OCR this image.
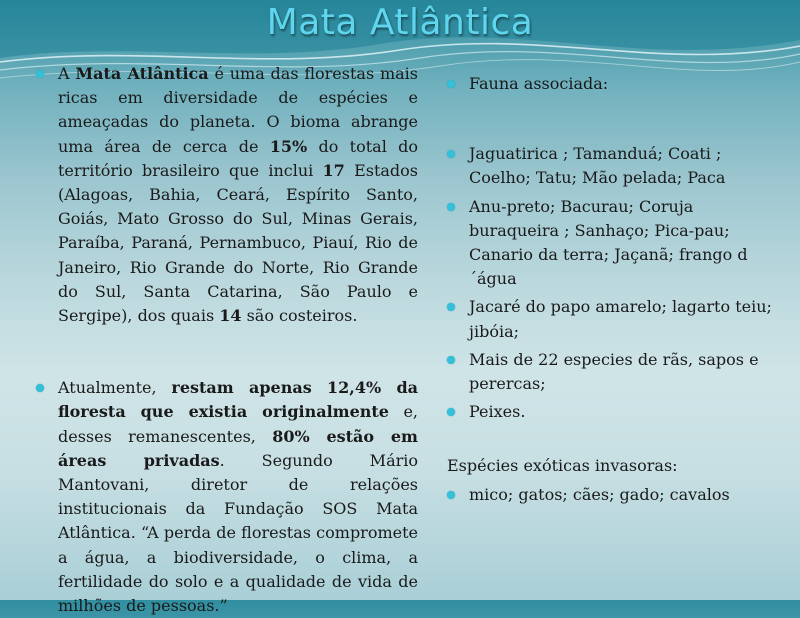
Mata Atlântica

A Mata Atlântica é uma das florestas mais ricas em diversidade de espécies e ameaçadas do planeta. O bioma abrange uma área de cerca de 15% do total do território brasileiro que inclui 17 Estados (Alagoas, Bahia, Ceará, Espírito Santo, Goiás, Mato Grosso do Sul, Minas Gerais, Paraíba, Paraná, Pernambuco, Piauí, Rio de Janeiro, Rio Grande do Norte, Rio Grande do Sul, Santa Catarina, São Paulo e Sergipe), dos quais 14 são costeiros.

Atualmente, restam apenas 12,4% da floresta que existia originalmente e, desses remanescentes, 80% estão em áreas privadas. Segundo Mário Mantovani, diretor de relações institucionais da Fundação SOS Mata Atlântica. “A perda de florestas compromete a água, a biodiversidade, o clima, a fertilidade do solo e a qualidade de vida de milhões de pessoas.”

Fauna associada:
Jaguatirica ; Tamanduá; Coati ; Coelho; Tatu; Mão pelada; Paca
Anu-preto; Bacurau; Coruja buraqueira ; Sanhaço; Pica-pau; Canario da terra; Jaçanã; frango d´água
Jacaré do papo amarelo; lagarto teiu; jibóia;
Mais de 22 especies de rãs, sapos e perercas;
Peixes.
Espécies exóticas invasoras:
mico; gatos; cães; gado; cavalos
